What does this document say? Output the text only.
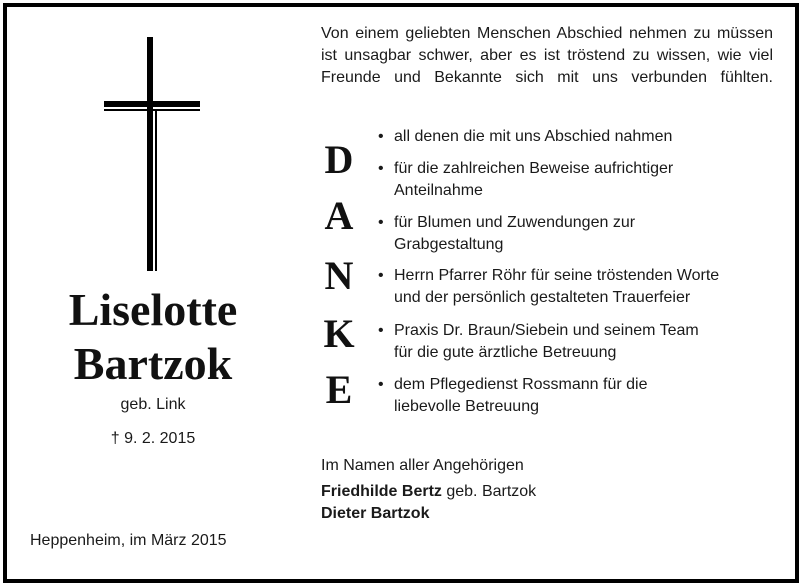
Liselotte
Bartzok
geb. Link
† 9. 2. 2015
Heppenheim, im März 2015

Von einem geliebten Menschen Abschied nehmen zu müssen ist unsagbar schwer, aber es ist tröstend zu wissen, wie viel Freunde und Bekannte sich mit uns verbunden fühlten.

D
A
N
K
E
• all denen die mit uns Abschied nahmen
• für die zahlreichen Beweise aufrichtiger
Anteilnahme
• für Blumen und Zuwendungen zur
Grabgestaltung
• Herrn Pfarrer Röhr für seine tröstenden Worte
und der persönlich gestalteten Trauerfeier
• Praxis Dr. Braun/Siebein und seinem Team
für die gute ärztliche Betreuung
• dem Pflegedienst Rossmann für die
liebevolle Betreuung
Im Namen aller Angehörigen
Friedhilde Bertz geb. Bartzok
Dieter Bartzok
